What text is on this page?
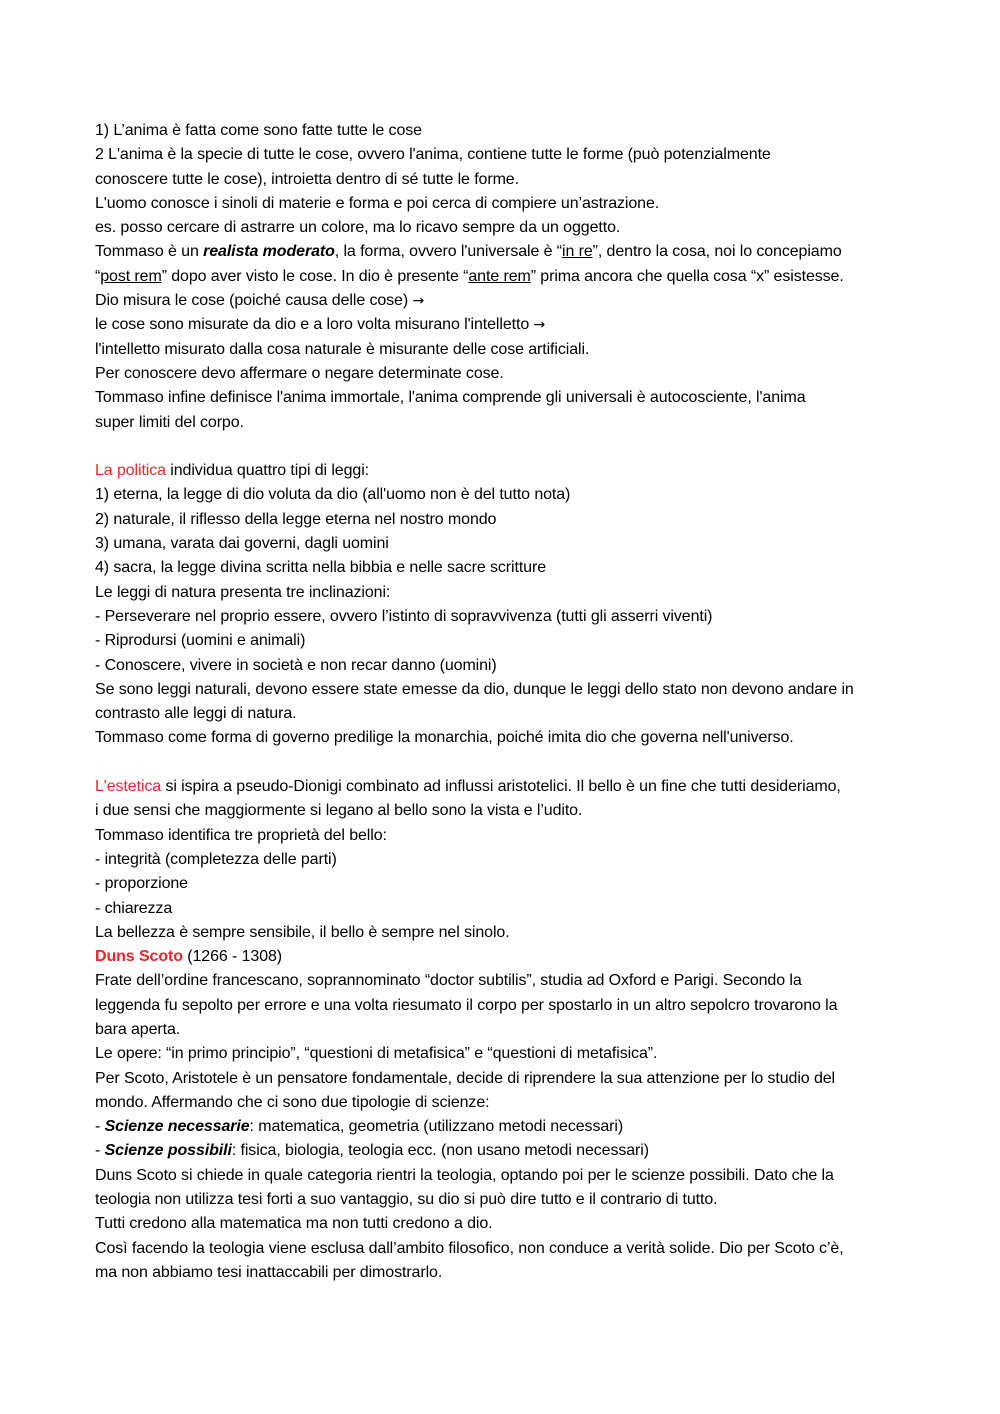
1) L’anima è fatta come sono fatte tutte le cose
2 L'anima è la specie di tutte le cose, ovvero l'anima, contiene tutte le forme (può potenzialmente
conoscere tutte le cose), introietta dentro di sé tutte le forme.
L'uomo conosce i sinoli di materie e forma e poi cerca di compiere un’astrazione.
es. posso cercare di astrarre un colore, ma lo ricavo sempre da un oggetto.
Tommaso è un realista moderato, la forma, ovvero l'universale è “in re”, dentro la cosa, noi lo concepiamo
“post rem” dopo aver visto le cose. In dio è presente “ante rem” prima ancora che quella cosa “x” esistesse.
Dio misura le cose (poiché causa delle cose) →
le cose sono misurate da dio e a loro volta misurano l'intelletto →
l'intelletto misurato dalla cosa naturale è misurante delle cose artificiali.
Per conoscere devo affermare o negare determinate cose.
Tommaso infine definisce l'anima immortale, l'anima comprende gli universali è autocosciente, l'anima
super limiti del corpo.
La politica individua quattro tipi di leggi:
1) eterna, la legge di dio voluta da dio (all'uomo non è del tutto nota)
2) naturale, il riflesso della legge eterna nel nostro mondo
3) umana, varata dai governi, dagli uomini
4) sacra, la legge divina scritta nella bibbia e nelle sacre scritture
Le leggi di natura presenta tre inclinazioni:
- Perseverare nel proprio essere, ovvero l’istinto di sopravvivenza (tutti gli asserri viventi)
- Riprodursi (uomini e animali)
- Conoscere, vivere in società e non recar danno (uomini)
Se sono leggi naturali, devono essere state emesse da dio, dunque le leggi dello stato non devono andare in
contrasto alle leggi di natura.
Tommaso come forma di governo predilige la monarchia, poiché imita dio che governa nell'universo.
L'estetica si ispira a pseudo-Dionigi combinato ad influssi aristotelici. Il bello è un fine che tutti desideriamo,
i due sensi che maggiormente si legano al bello sono la vista e l’udito.
Tommaso identifica tre proprietà del bello:
- integrità (completezza delle parti)
- proporzione
- chiarezza
La bellezza è sempre sensibile, il bello è sempre nel sinolo.
Duns Scoto (1266 - 1308)
Frate dell’ordine francescano, soprannominato “doctor subtilis”, studia ad Oxford e Parigi. Secondo la
leggenda fu sepolto per errore e una volta riesumato il corpo per spostarlo in un altro sepolcro trovarono la
bara aperta.
Le opere: “in primo principio”, “questioni di metafisica” e “questioni di metafisica”.
Per Scoto, Aristotele è un pensatore fondamentale, decide di riprendere la sua attenzione per lo studio del
mondo. Affermando che ci sono due tipologie di scienze:
- Scienze necessarie: matematica, geometria (utilizzano metodi necessari)
- Scienze possibili: fisica, biologia, teologia ecc. (non usano metodi necessari)
Duns Scoto si chiede in quale categoria rientri la teologia, optando poi per le scienze possibili. Dato che la
teologia non utilizza tesi forti a suo vantaggio, su dio si può dire tutto e il contrario di tutto.
Tutti credono alla matematica ma non tutti credono a dio.
Così facendo la teologia viene esclusa dall’ambito filosofico, non conduce a verità solide. Dio per Scoto c’è,
ma non abbiamo tesi inattaccabili per dimostrarlo.
